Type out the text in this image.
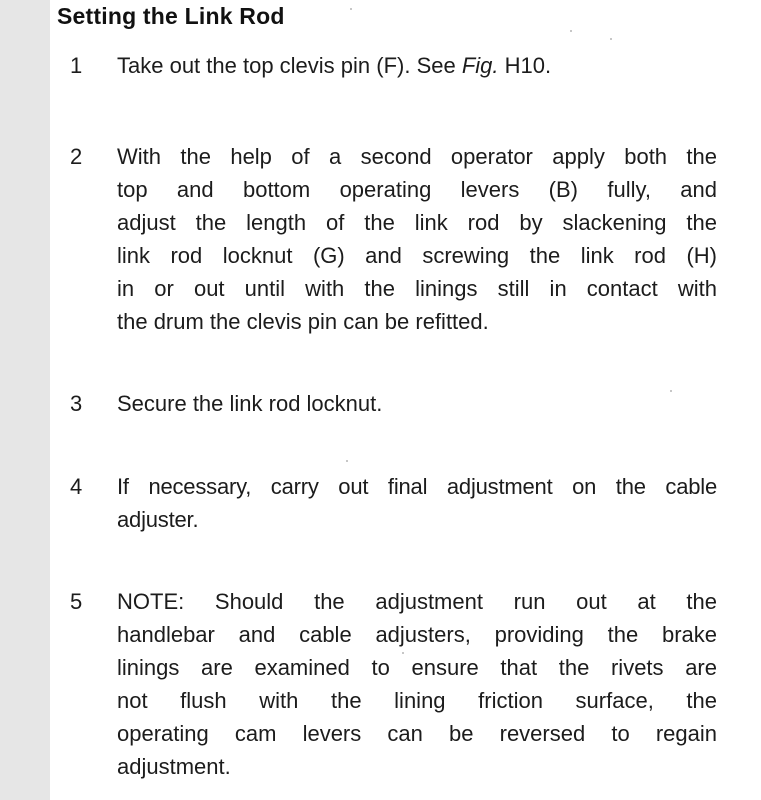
Setting the Link Rod
1	Take out the top clevis pin (F). See Fig. H10.
2	With the help of a second operator apply both the
top and bottom operating levers (B) fully, and
adjust the length of the link rod by slackening the
link rod locknut (G) and screwing the link rod (H)
in or out until with the linings still in contact with
the drum the clevis pin can be refitted.
3	Secure the link rod locknut.
4	If necessary, carry out final adjustment on the cable
adjuster.
5	NOTE: Should the adjustment run out at the
handlebar and cable adjusters, providing the brake
linings are examined to ensure that the rivets are
not flush with the lining friction surface, the
operating cam levers can be reversed to regain
adjustment.
